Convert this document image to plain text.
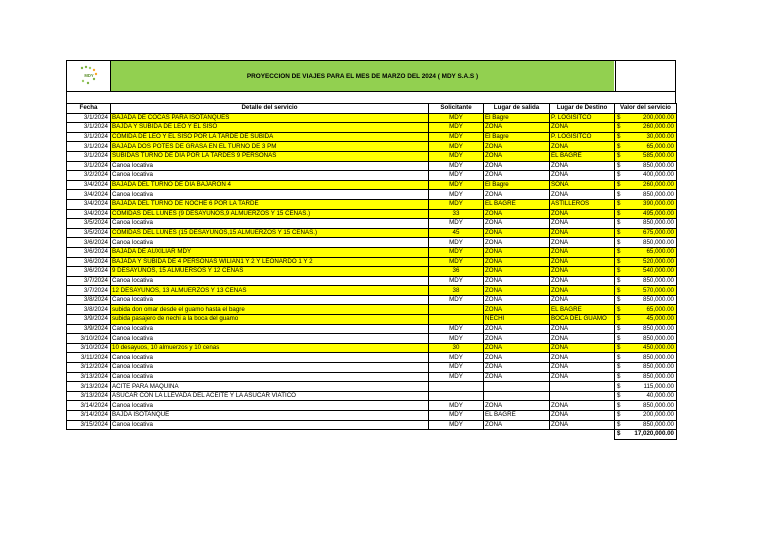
MDY	PROYECCION DE VIAJES PARA EL MES DE MARZO DEL 2024 ( MDY S.A.S )
Fecha	Detalle del servicio	Solicitante	Lugar de salida	Lugar de Destino	Valor del servicio
3/1/2024	BAJADA DE COCAS PARA ISOTANQUES	MDY	El Bagre	P. LOGISITCO	$ 200,000.00

3/1/2024	BAJDA Y SUBIDA DE LEO Y EL SISO	MDY	ZONA	ZONA	$ 260,000.00

3/1/2024	COMIDA DE LEO Y EL SISO POR LA TARDE DE SUBIDA	MDY	El Bagre	P. LOGISITCO	$ 30,000.00

3/1/2024	BAJADA DOS POTES DE GRASA EN EL TURNO DE 3 PM	MDY	ZONA	ZONA	$ 65,000.00

3/1/2024	SUBIDAS TURNO DE DIA POR LA TARDES 9 PERSONAS	MDY	ZONA	EL BAGRE	$ 585,000.00

3/1/2024	Canoa locativa	MDY	ZONA	ZONA	$ 850,000.00

3/2/2024	Canoa locativa	MDY	ZONA	ZONA	$ 400,000.00

3/4/2024	BAJADA DEL TURNO DE DIA BAJARON 4	MDY	El Bagre	SONA	$ 260,000.00

3/4/2024	Canoa locativa	MDY	ZONA	ZONA	$ 850,000.00

3/4/2024	BAJADA DEL TURNO DE NOCHE 6 POR LA TARDE	MDY	EL BAGRE	ASTILLEROS	$ 390,000.00

3/4/2024	COMIDAS DEL LUNES (9 DESAYUNOS,9 ALMUERZOS Y 15 CENAS.)	33	ZONA	ZONA	$ 495,000.00

3/5/2024	Canoa locativa	MDY	ZONA	ZONA	$ 850,000.00

3/5/2024	COMIDAS DEL LUNES (15 DESAYUNOS,15 ALMUERZOS Y 15 CENAS.)	45	ZONA	ZONA	$ 675,000.00

3/6/2024	Canoa locativa	MDY	ZONA	ZONA	$ 850,000.00

3/6/2024	BAJADA DE AUXILIAR MDY	MDY	ZONA	ZONA	$ 65,000.00

3/6/2024	BAJADA Y SUBIDA DE 4 PERSONAS WILIAN1 Y 2 Y LEONARDO 1 Y 2	MDY	ZONA	ZONA	$ 520,000.00

3/6/2024	9 DESAYUNOS, 15 ALMUERSOS Y 12 CENAS	36	ZONA	ZONA	$ 540,000.00

3/7/2024	Canoa locativa	MDY	ZONA	ZONA	$ 850,000.00

3/7/2024	12 DESAYUNOS, 13 ALMUERZOS Y 13 CENAS	38	ZONA	ZONA	$ 570,000.00

3/8/2024	Canoa locativa	MDY	ZONA	ZONA	$ 850,000.00

3/8/2024	subida don omar desde el guamo hasta el bagre		ZONA	EL BAGRE	$ 65,000.00

3/9/2024	subida pasajero de nechi a la boca del guamo		NECHI	BOCA DEL GUAMO	$ 45,000.00

3/9/2024	Canoa locativa	MDY	ZONA	ZONA	$ 850,000.00

3/10/2024	Canoa locativa	MDY	ZONA	ZONA	$ 850,000.00

3/10/2024	10 desayuos, 10 almuerzos y 10 cenas	30	ZONA	ZONA	$ 450,000.00

3/11/2024	Canoa locativa	MDY	ZONA	ZONA	$ 850,000.00

3/12/2024	Canoa locativa	MDY	ZONA	ZONA	$ 850,000.00

3/13/2024	Canoa locativa	MDY	ZONA	ZONA	$ 850,000.00

3/13/2024	ACITE PARA MAQUINA				$ 115,000.00

3/13/2024	ASUCAR CON LA LLEVADA DEL ACEITE Y LA ASUCAR VIATICO				$ 40,000.00

3/14/2024	Canoa locativa	MDY	ZONA	ZONA	$ 850,000.00

3/14/2024	BAJDA ISOTANQUE	MDY	EL BAGRE	ZONA	$ 200,000.00

3/15/2024	Canoa locativa	MDY	ZONA	ZONA	$ 850,000.00

					$ 17,020,000.00
